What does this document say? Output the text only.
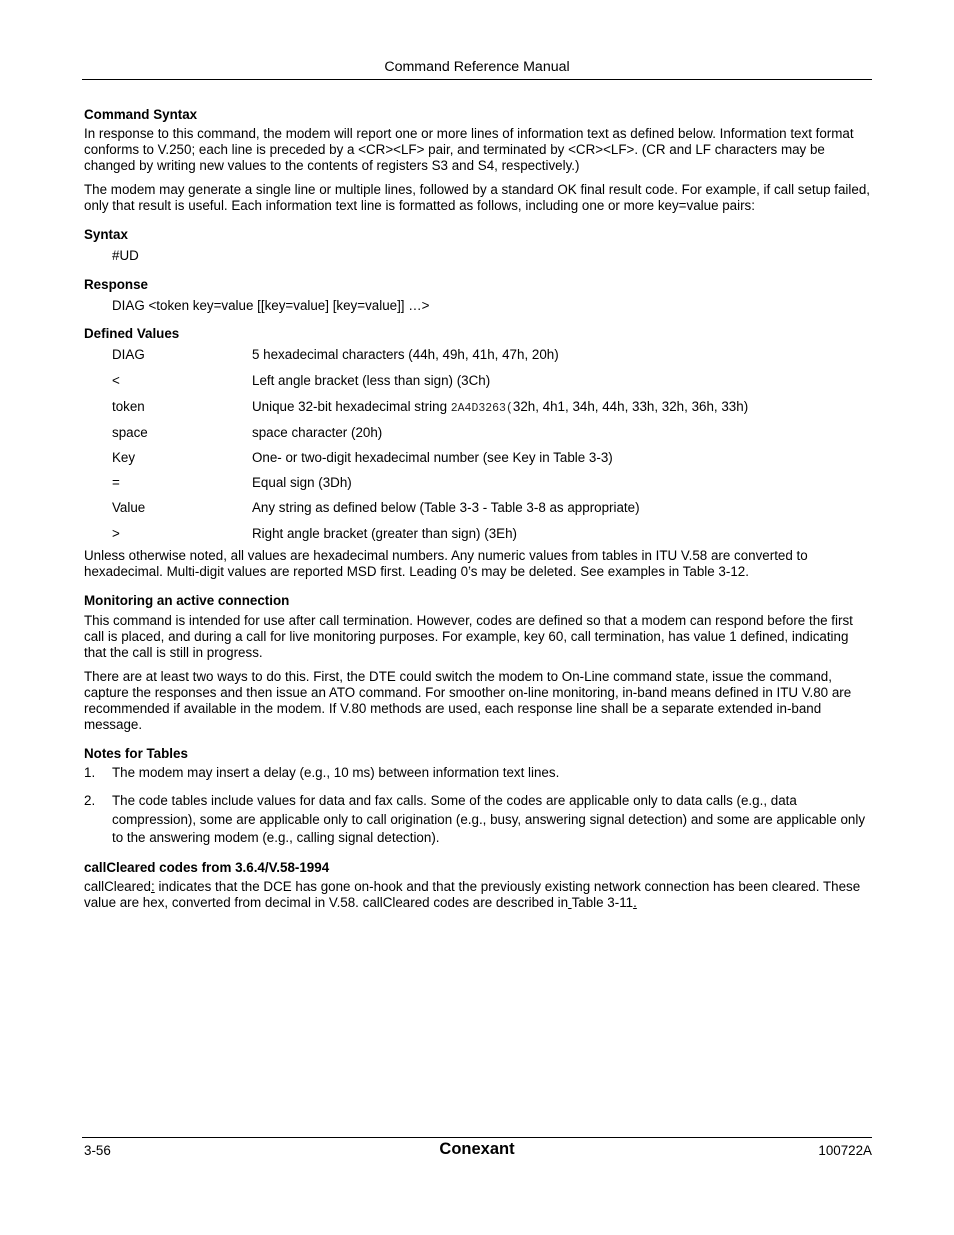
Command Reference Manual
Command Syntax

In response to this command, the modem will report one or more lines of information text as defined below. Information text format conforms to V.250; each line is preceded by a <CR><LF> pair, and terminated by <CR><LF>. (CR and LF characters may be changed by writing new values to the contents of registers S3 and S4, respectively.)

The modem may generate a single line or multiple lines, followed by a standard OK final result code. For example, if call setup failed, only that result is useful. Each information text line is formatted as follows, including one or more key=value pairs:

Syntax

#UD

Response

DIAG <token key=value [[key=value] [key=value]] …>

Defined Values
DIAG	5 hexadecimal characters (44h, 49h, 41h, 47h, 20h)
<	Left angle bracket (less than sign) (3Ch)
token	Unique 32-bit hexadecimal string 2A4D3263(32h, 4h1, 34h, 44h, 33h, 32h, 36h, 33h)
space	space character (20h)
Key	One- or two-digit hexadecimal number (see Key in Table 3-3)
=	Equal sign (3Dh)
Value	Any string as defined below (Table 3-3 - Table 3-8 as appropriate)
>	Right angle bracket (greater than sign) (3Eh)

Unless otherwise noted, all values are hexadecimal numbers. Any numeric values from tables in ITU V.58 are converted to hexadecimal. Multi-digit values are reported MSD first. Leading 0’s may be deleted. See examples in Table 3-12.

Monitoring an active connection

This command is intended for use after call termination. However, codes are defined so that a modem can respond before the first call is placed, and during a call for live monitoring purposes. For example, key 60, call termination, has value 1 defined, indicating that the call is still in progress.

There are at least two ways to do this. First, the DTE could switch the modem to On-Line command state, issue the command, capture the responses and then issue an ATO command. For smoother on-line monitoring, in-band means defined in ITU V.80 are recommended if available in the modem. If V.80 methods are used, each response line shall be a separate extended in-band message.

Notes for Tables
1.	The modem may insert a delay (e.g., 10 ms) between information text lines.
2.	The code tables include values for data and fax calls. Some of the codes are applicable only to data calls (e.g., data compression), some are applicable only to call origination (e.g., busy, answering signal detection) and some are applicable only to the answering modem (e.g., calling signal detection).
callCleared codes from 3.6.4/V.58-1994

callCleared: indicates that the DCE has gone on-hook and that the previously existing network connection has been cleared. These value are hex, converted from decimal in V.58. callCleared codes are described in Table 3-11.

3-56	Conexant	100722A
